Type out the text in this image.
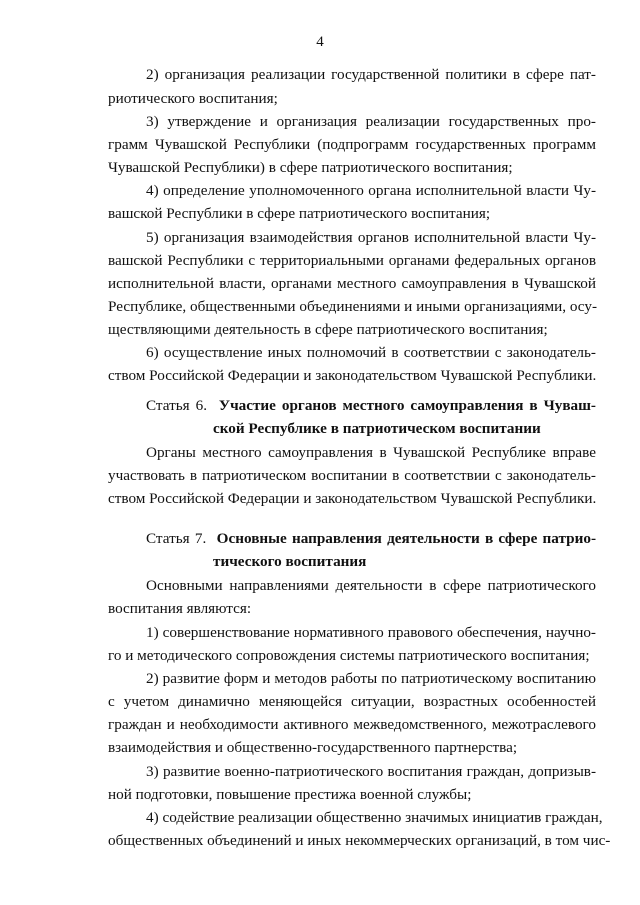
4
2) организация реализации государственной политики в сфере пат-
риотического воспитания;
3) утверждение и организация реализации государственных про-
грамм Чувашской Республики (подпрограмм государственных программ
Чувашской Республики) в сфере патриотического воспитания;
4) определение уполномоченного органа исполнительной власти Чу-
вашской Республики в сфере патриотического воспитания;
5) организация взаимодействия органов исполнительной власти Чу-
вашской Республики с территориальными органами федеральных органов
исполнительной власти, органами местного самоуправления в Чувашской
Республике, общественными объединениями и иными организациями, осу-
ществляющими деятельность в сфере патриотического воспитания;
6) осуществление иных полномочий в соответствии с законодатель-
ством Российской Федерации и законодательством Чувашской Республики.
Органы местного самоуправления в Чувашской Республике вправе
участвовать в патриотическом воспитании в соответствии с законодатель-
ством Российской Федерации и законодательством Чувашской Республики.
Основными направлениями деятельности в сфере патриотического
воспитания являются:
1) совершенствование нормативного правового обеспечения, научно-
го и методического сопровождения системы патриотического воспитания;
2) развитие форм и методов работы по патриотическому воспитанию
с учетом динамично меняющейся ситуации, возрастных особенностей
граждан и необходимости активного межведомственного, межотраслевого
взаимодействия и общественно-государственного партнерства;
3) развитие военно-патриотического воспитания граждан, допризыв-
ной подготовки, повышение престижа военной службы;
4) содействие реализации общественно значимых инициатив граждан,
общественных объединений и иных некоммерческих организаций, в том чис-
Статья 6. Участие органов местного самоуправления в Чуваш-
ской Республике в патриотическом воспитании
Статья 7. Основные направления деятельности в сфере патрио-
тического воспитания
